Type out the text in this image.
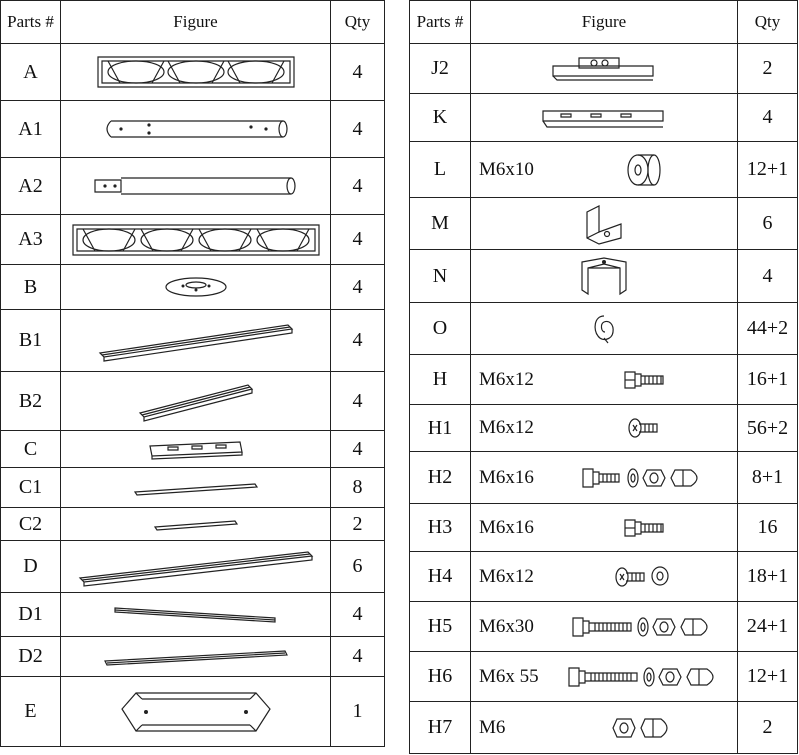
Parts #	Figure	Qty
A		4
A1		4
A2		4
A3		4
B		4
B1		4
B2		4
C		4
C1		8
C2		2
D		6
D1		4
D2		4
E		1
Parts #	Figure	Qty
J2		2
K		4
L	M6x10	12+1
M		6
N		4
O		44+2
H	M6x12	16+1
H1	M6x12	56+2
H2	M6x16	8+1
H3	M6x16	16
H4	M6x12	18+1
H5	M6x30	24+1
H6	M6x 55	12+1
H7	M6	2
